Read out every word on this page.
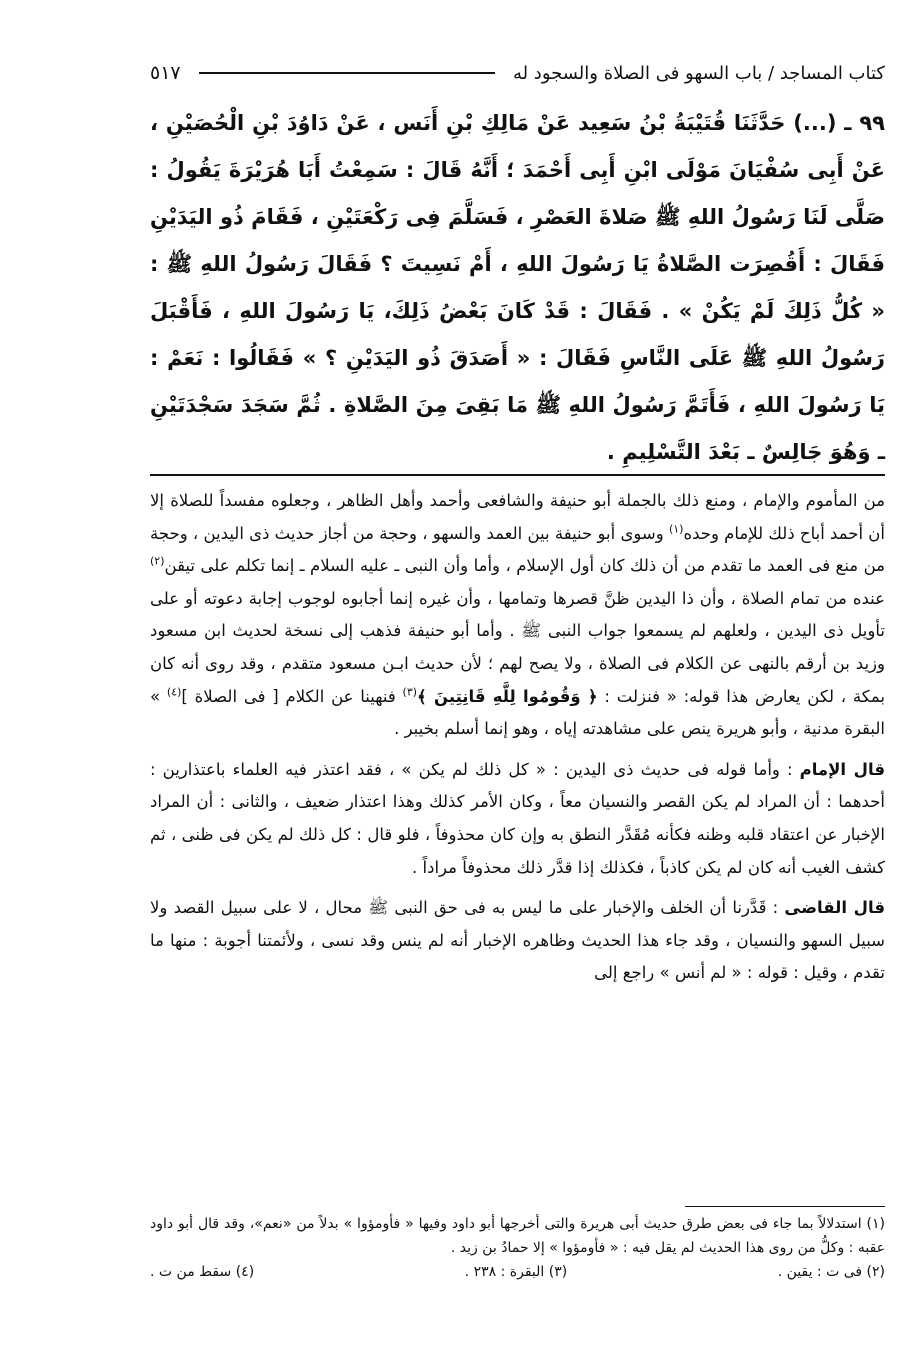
كتاب المساجد / باب السهو فى الصلاة والسجود له
٥١٧

٩٩ ـ (...) حَدَّثَنَا قُتَيْبَةُ بْنُ سَعِيد عَنْ مَالِكِ بْنِ أَنَس ، عَنْ دَاوُدَ بْنِ الْحُصَيْنِ ، عَنْ أَبِى سُفْيَانَ مَوْلَى ابْنِ أَبِى أَحْمَدَ ؛ أَنَّهُ قَالَ : سَمِعْتُ أَبَا هُرَيْرَةَ يَقُولُ : صَلَّى لَنَا رَسُولُ اللهِ ﷺ صَلاةَ العَصْرِ ، فَسَلَّمَ فِى رَكْعَتَيْنِ ، فَقَامَ ذُو اليَدَيْنِ فَقَالَ : أَقُصِرَت الصَّلاةُ يَا رَسُولَ اللهِ ، أَمْ نَسِيتَ ؟ فَقَالَ رَسُولُ اللهِ ﷺ : « كُلُّ ذَلِكَ لَمْ يَكُنْ » . فَقَالَ : قَدْ كَانَ بَعْضُ ذَلِكَ، يَا رَسُولَ اللهِ ، فَأَقْبَلَ رَسُولُ اللهِ ﷺ عَلَى النَّاسِ فَقَالَ : « أَصَدَقَ ذُو اليَدَيْنِ ؟ » فَقَالُوا : نَعَمْ : يَا رَسُولَ اللهِ ، فَأَتَمَّ رَسُولُ اللهِ ﷺ مَا بَقِىَ مِنَ الصَّلاةِ . ثُمَّ سَجَدَ سَجْدَتَيْنِ ـ وَهُوَ جَالِسٌ ـ بَعْدَ التَّسْلِيمِ .

من المأموم والإمام ، ومنع ذلك بالجملة أبو حنيفة والشافعى وأحمد وأهل الظاهر ، وجعلوه مفسداً للصلاة إلا أن أحمد أباح ذلك للإمام وحده$^{(١)}$ وسوى أبو حنيفة بين العمد والسهو ، وحجة من أجاز حديث ذى اليدين ، وحجة من منع فى العمد ما تقدم من أن ذلك كان أول الإسلام ، وأما وأن النبى ـ عليه السلام ـ إنما تكلم على تيقن$^{(٢)}$ عنده من تمام الصلاة ، وأن ذا اليدين ظنَّ قصرها وتمامها ، وأن غيره إنما أجابوه لوجوب إجابة دعوته أو على تأويل ذى اليدين ، ولعلهم لم يسمعوا جواب النبى ﷺ . وأما أبو حنيفة فذهب إلى نسخة لحديث ابن مسعود وزيد بن أرقم بالنهى عن الكلام فى الصلاة ، ولا يصح لهم ؛ لأن حديث ابـن مسعود متقدم ، وقد روى أنه كان بمكة ، لكن يعارض هذا قوله: « فنزلت : ﴿ وَقُومُوا لِلَّهِ قَانِتِينَ ﴾$^{(٣)}$ فنهينا عن الكلام [ فى الصلاة ]$^{(٤)}$ » البقرة مدنية ، وأبو هريرة ينص على مشاهدته إياه ، وهو إنما أسلم بخيبر .

قال الإمام : وأما قوله فى حديث ذى اليدين : « كل ذلك لم يكن » ، فقد اعتذر فيه العلماء باعتذارين : أحدهما : أن المراد لم يكن القصر والنسيان معاً ، وكان الأمر كذلك وهذا اعتذار ضعيف ، والثانى : أن المراد الإخبار عن اعتقاد قلبه وظنه فكأنه مُقَدَّر النطق به وإن كان محذوفاً ، فلو قال : كل ذلك لم يكن فى ظنى ، ثم كشف الغيب أنه كان لم يكن كاذباً ، فكذلك إذا قدَّر ذلك محذوفاً مراداً .

قال القاضى : قَدَّرنا أن الخلف والإخبار على ما ليس به فى حق النبى ﷺ محال ، لا على سبيل القصد ولا سبيل السهو والنسيان ، وقد جاء هذا الحديث وظاهره الإخبار أنه لم ينس وقد نسى ، ولأئمتنا أجوبة : منها ما تقدم ، وقيل : قوله : « لم أنس » راجع إلى

(١) استدلالاً بما جاء فى بعض طرق حديث أبى هريرة والتى أخرجها أبو داود وفيها « فأومؤوا » بدلاً من «نعم»، وقد قال أبو داود عقبه : وكلُّ من روى هذا الحديث لم يقل فيه : « فأومؤوا » إلا حمادُ بن زيد .

(٢) فى ت : يقين .
(٣) البقرة : ٢٣٨ .
(٤) سقط من ت .
